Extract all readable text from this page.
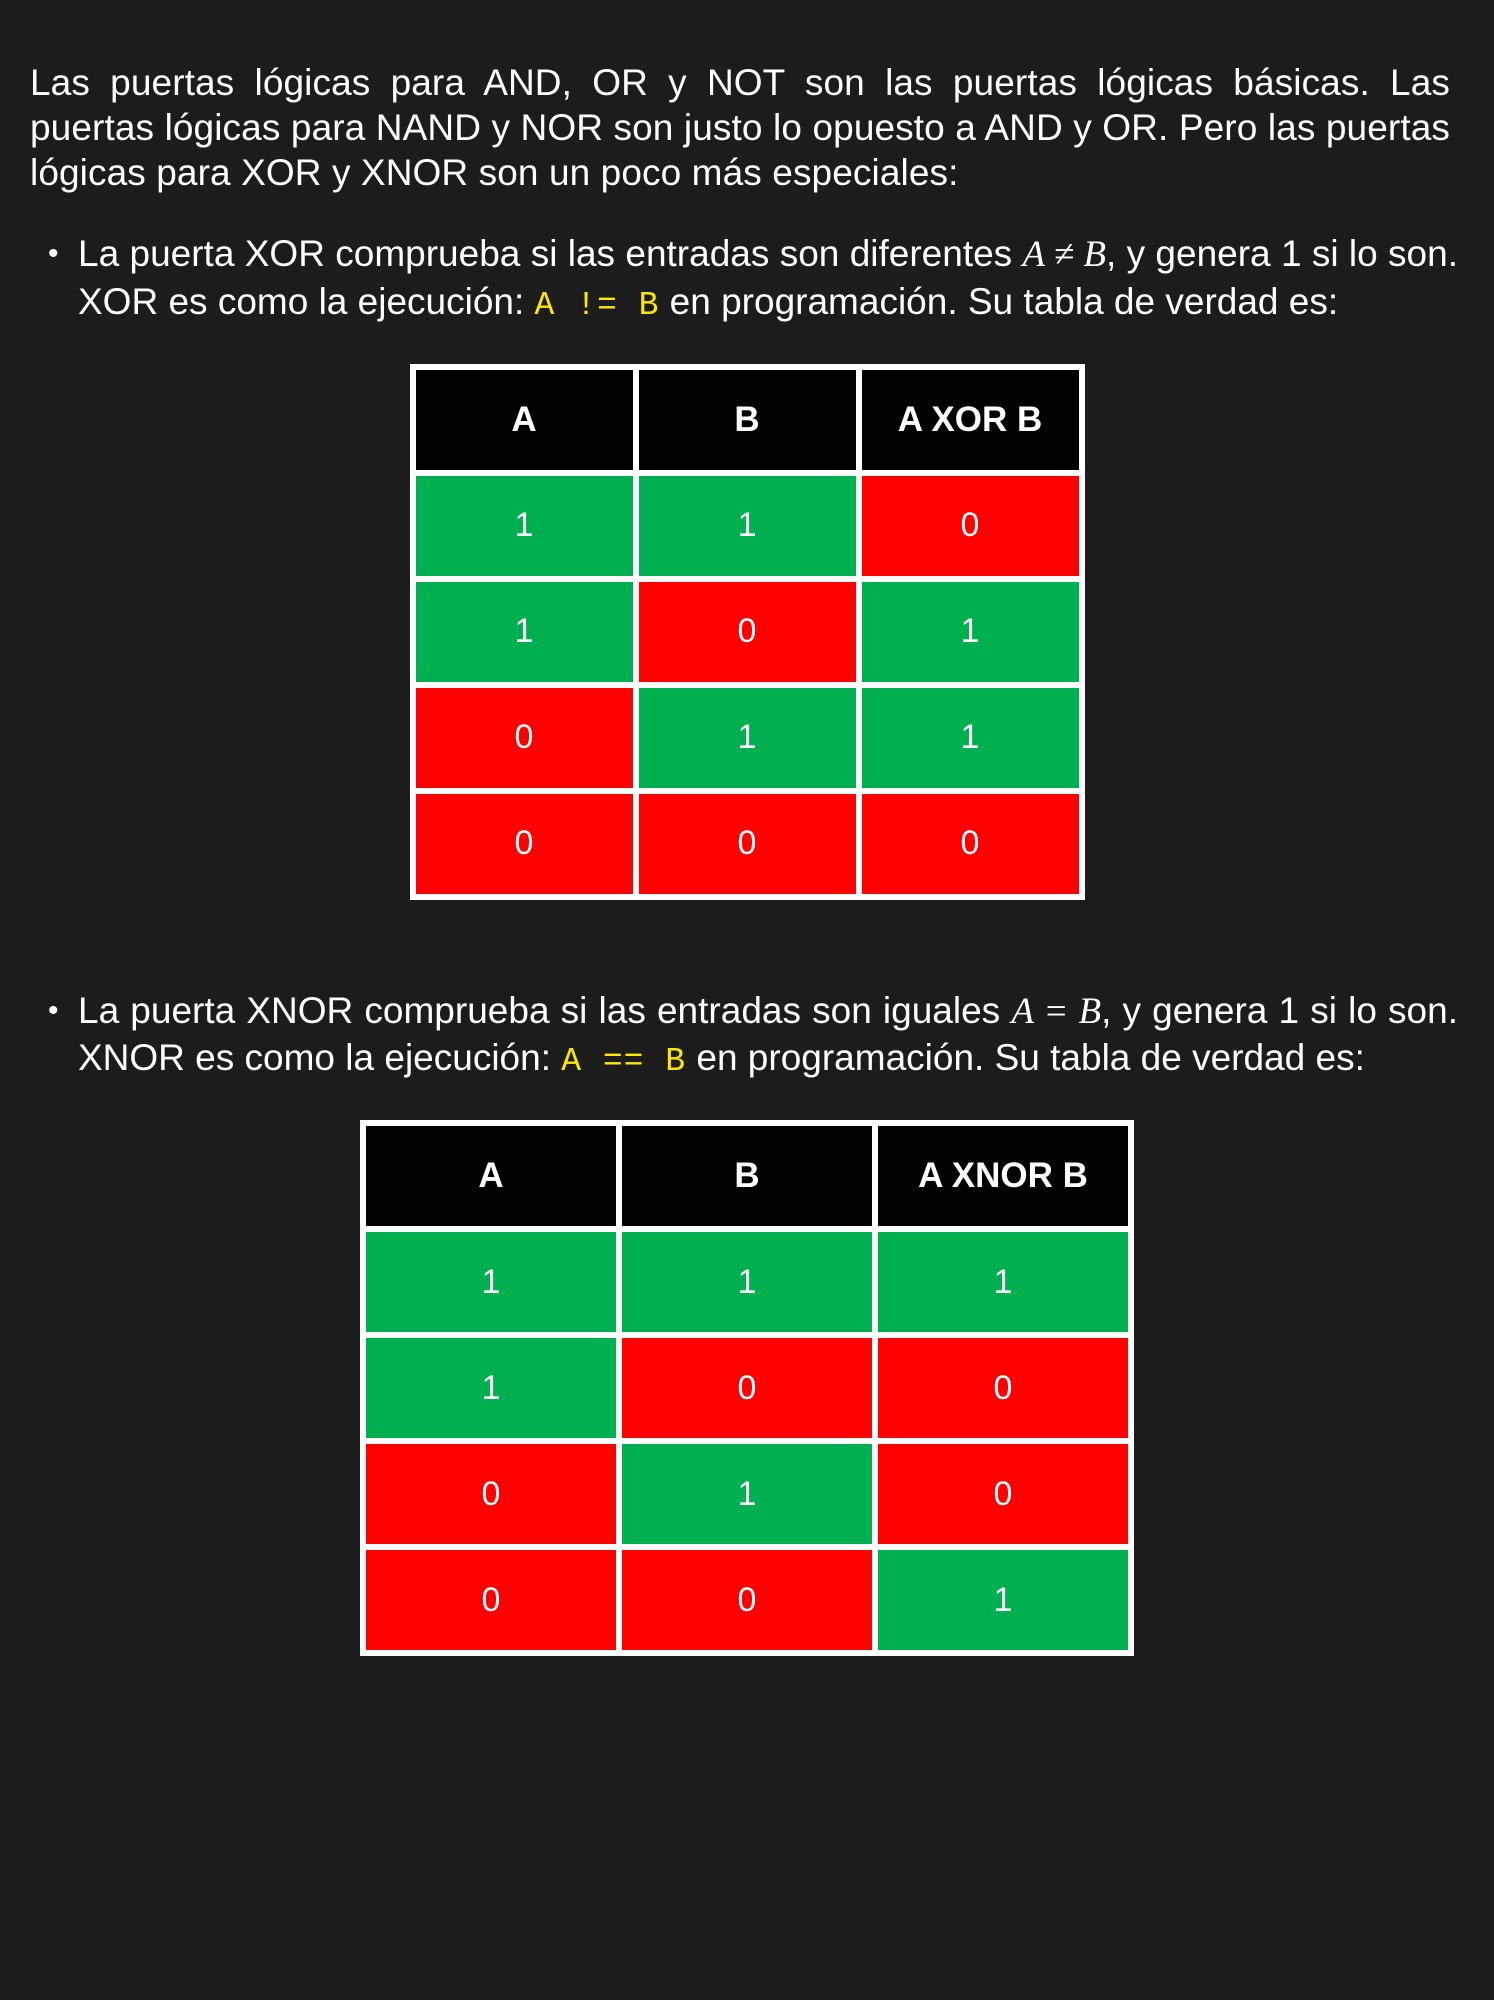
Las puertas lógicas para AND, OR y NOT son las puertas lógicas básicas. Las puertas lógicas para NAND y NOR son justo lo opuesto a AND y OR. Pero las puertas lógicas para XOR y XNOR son un poco más especiales:

• La puerta XOR comprueba si las entradas son diferentes A ≠ B, y genera 1 si lo son. XOR es como la ejecución: A != B en programación. Su tabla de verdad es:
A	B	A XOR B
1	1	0
1	0	1
0	1	1
0	0	0
• La puerta XNOR comprueba si las entradas son iguales A = B, y genera 1 si lo son. XNOR es como la ejecución: A == B en programación. Su tabla de verdad es:
A	B	A XNOR B
1	1	1
1	0	0
0	1	0
0	0	1
